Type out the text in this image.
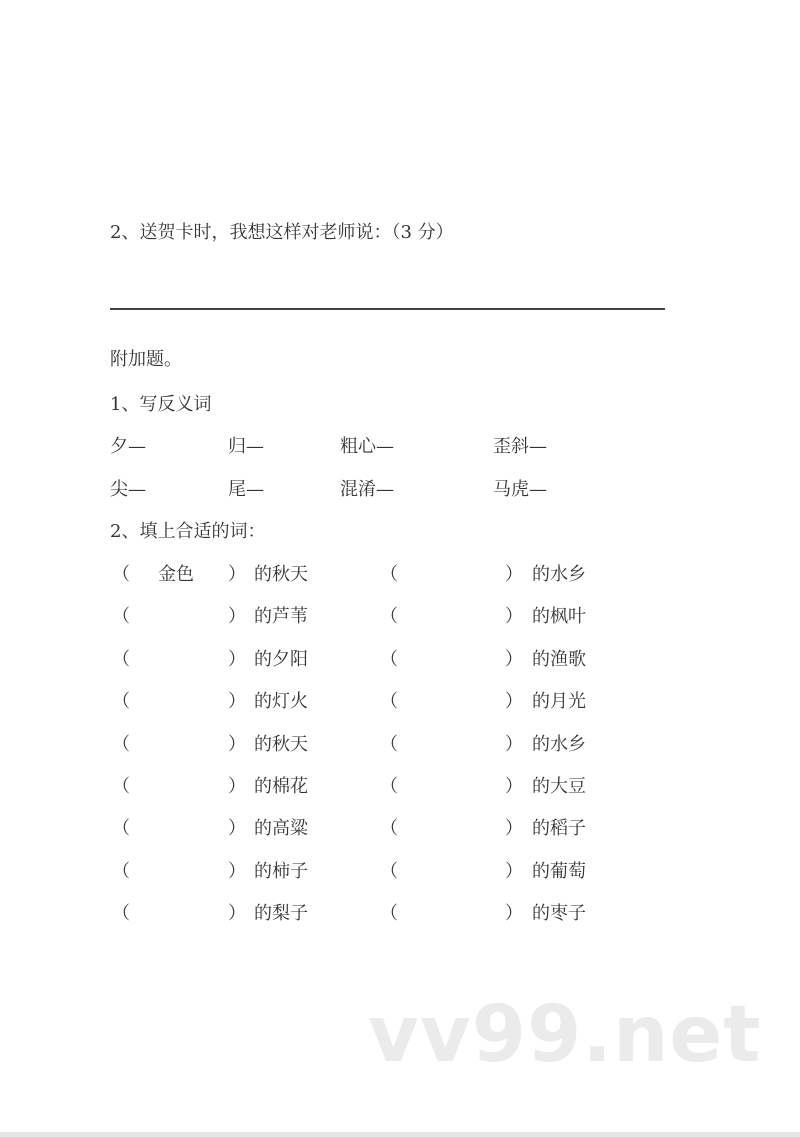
2、送贺卡时，我想这样对老师说：（3 分）
附加题。
1、写反义词
夕—	归—	粗心—	歪斜—
尖—	尾—	混淆—	马虎—
2、填上合适的词：
（ 金色	） 的秋天	（	） 的水乡
（	） 的芦苇	（	） 的枫叶
（	） 的夕阳	（	） 的渔歌
（	） 的灯火	（	） 的月光
（	） 的秋天	（	） 的水乡
（	） 的棉花	（	） 的大豆
（	） 的高粱	（	） 的稻子
（	） 的柿子	（	） 的葡萄
（	） 的梨子	（	） 的枣子
vv99.net
